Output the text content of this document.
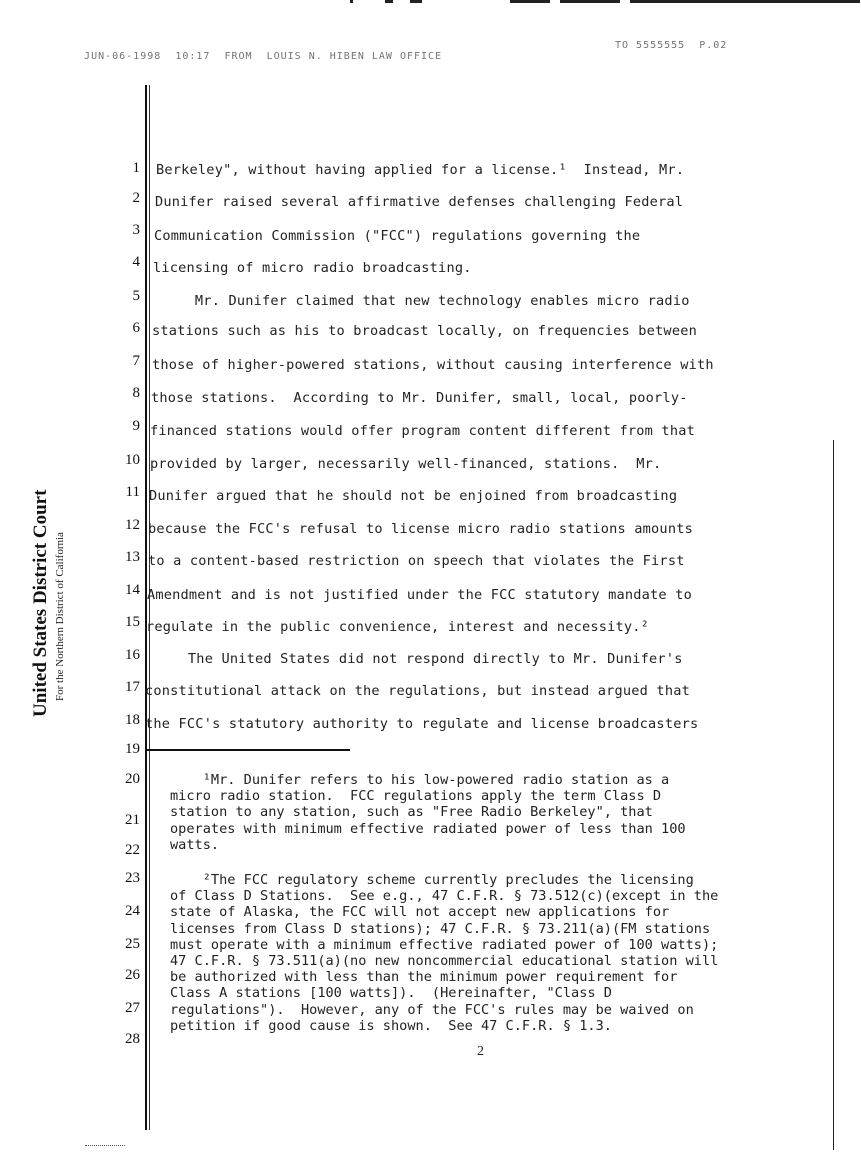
JUN-06-1998  10:17  FROM  LOUIS N. HIBEN LAW OFFICE

TO 5555555  P.02

United States District Court For the Northern District of California
1
2
3
4
5
6
7
8
9
10
11
12
13
14
15
16
17
18
19
20
21
22
23
24
25
26
27
28
Berkeley", without having applied for a license.¹  Instead, Mr.
Dunifer raised several affirmative defenses challenging Federal
Communication Commission ("FCC") regulations governing the
licensing of micro radio broadcasting.
Mr. Dunifer claimed that new technology enables micro radio
stations such as his to broadcast locally, on frequencies between
those of higher-powered stations, without causing interference with
those stations.  According to Mr. Dunifer, small, local, poorly-
financed stations would offer program content different from that
provided by larger, necessarily well-financed, stations.  Mr.
Dunifer argued that he should not be enjoined from broadcasting
because the FCC's refusal to license micro radio stations amounts
to a content-based restriction on speech that violates the First
Amendment and is not justified under the FCC statutory mandate to
regulate in the public convenience, interest and necessity.²
The United States did not respond directly to Mr. Dunifer's
constitutional attack on the regulations, but instead argued that
the FCC's statutory authority to regulate and license broadcasters
¹Mr. Dunifer refers to his low-powered radio station as a
micro radio station.  FCC regulations apply the term Class D
station to any station, such as "Free Radio Berkeley", that
operates with minimum effective radiated power of less than 100
watts.
²The FCC regulatory scheme currently precludes the licensing
of Class D Stations.  See e.g., 47 C.F.R. § 73.512(c)(except in the
state of Alaska, the FCC will not accept new applications for
licenses from Class D stations); 47 C.F.R. § 73.211(a)(FM stations
must operate with a minimum effective radiated power of 100 watts);
47 C.F.R. § 73.511(a)(no new noncommercial educational station will
be authorized with less than the minimum power requirement for
Class A stations [100 watts]).  (Hereinafter, "Class D
regulations").  However, any of the FCC's rules may be waived on
petition if good cause is shown.  See 47 C.F.R. § 1.3.
2
